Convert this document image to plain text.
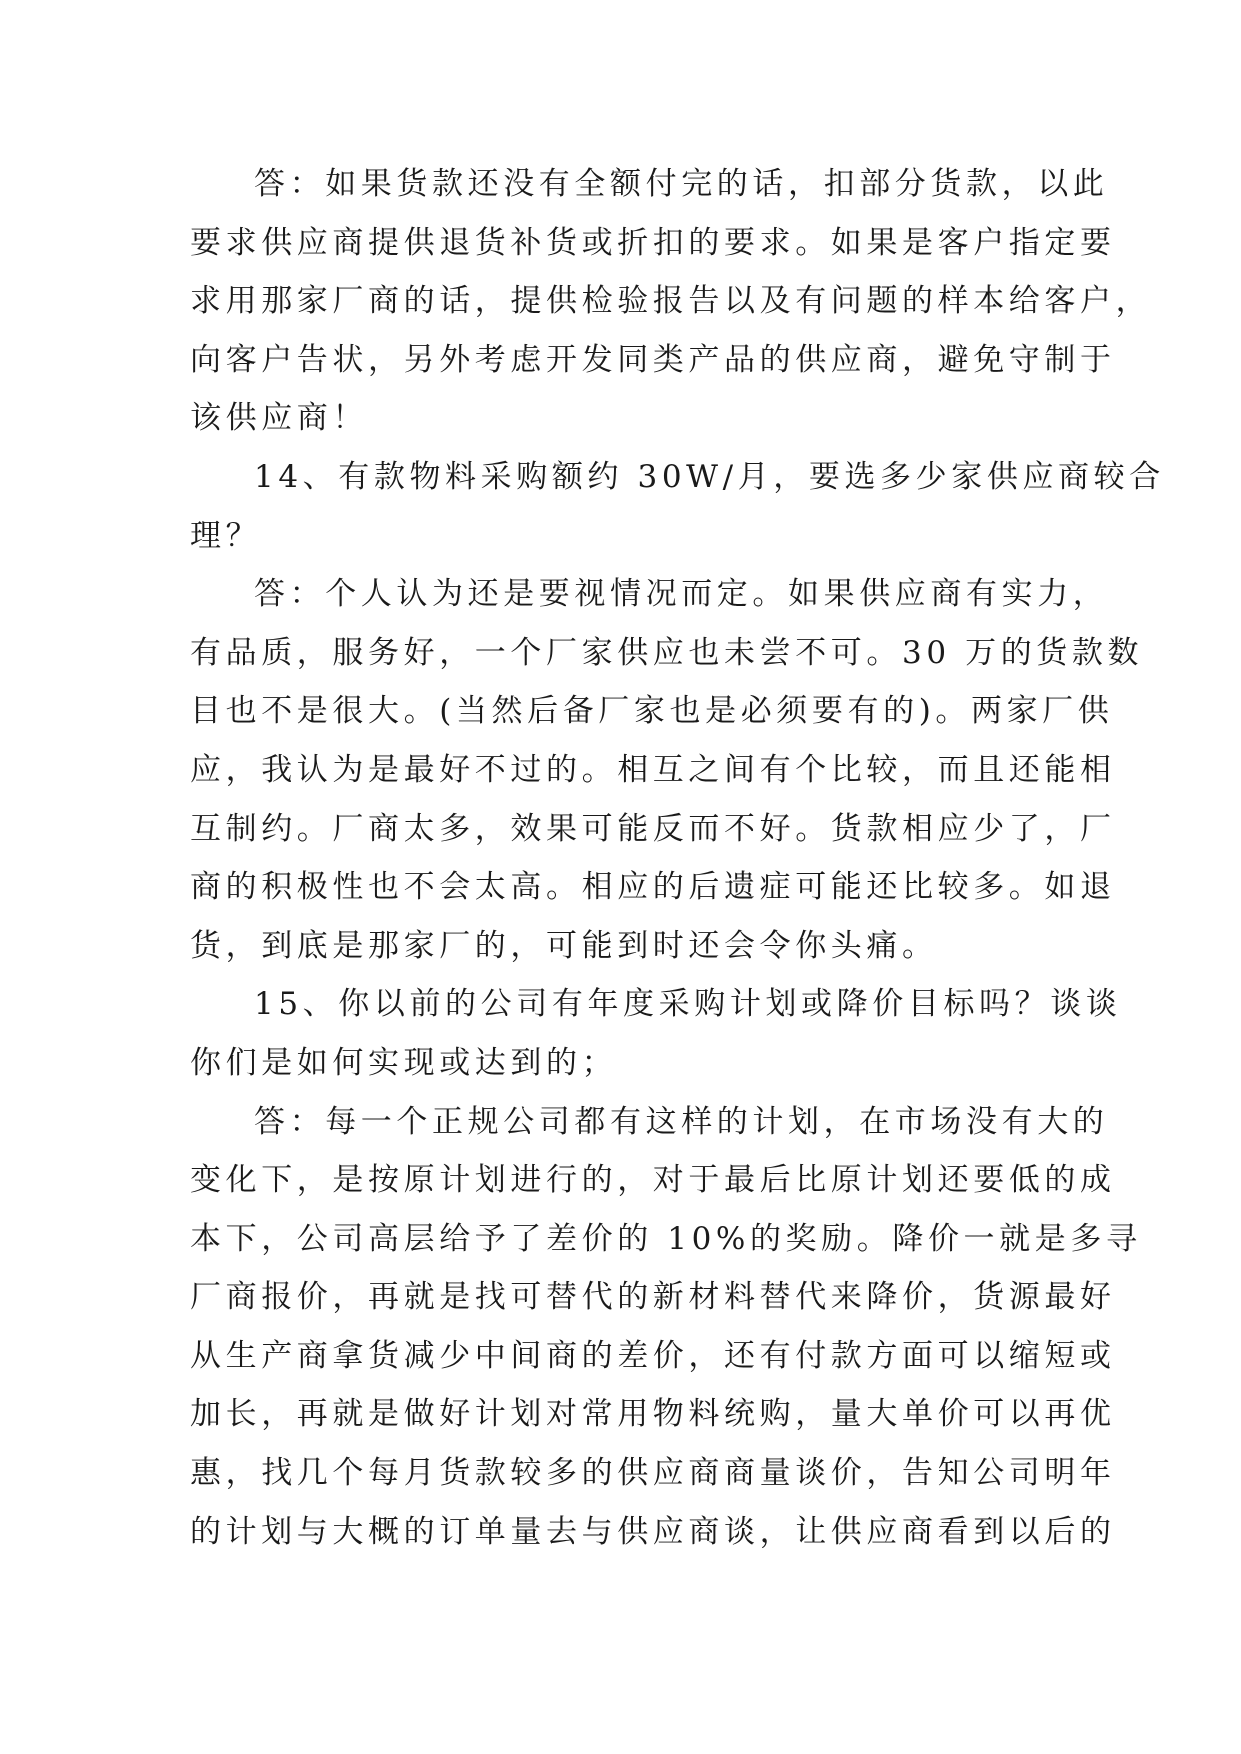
答：如果货款还没有全额付完的话，扣部分货款，以此
要求供应商提供退货补货或折扣的要求。如果是客户指定要
求用那家厂商的话，提供检验报告以及有问题的样本给客户，
向客户告状，另外考虑开发同类产品的供应商，避免守制于
该供应商！
14、有款物料采购额约 30W/月，要选多少家供应商较合
理？
答：个人认为还是要视情况而定。如果供应商有实力，
有品质，服务好，一个厂家供应也未尝不可。30 万的货款数
目也不是很大。(当然后备厂家也是必须要有的)。两家厂供
应，我认为是最好不过的。相互之间有个比较，而且还能相
互制约。厂商太多，效果可能反而不好。货款相应少了，厂
商的积极性也不会太高。相应的后遗症可能还比较多。如退
货，到底是那家厂的，可能到时还会令你头痛。
15、你以前的公司有年度采购计划或降价目标吗？谈谈
你们是如何实现或达到的；
答：每一个正规公司都有这样的计划，在市场没有大的
变化下，是按原计划进行的，对于最后比原计划还要低的成
本下，公司高层给予了差价的 10%的奖励。降价一就是多寻
厂商报价，再就是找可替代的新材料替代来降价，货源最好
从生产商拿货减少中间商的差价，还有付款方面可以缩短或
加长，再就是做好计划对常用物料统购，量大单价可以再优
惠，找几个每月货款较多的供应商商量谈价，告知公司明年
的计划与大概的订单量去与供应商谈，让供应商看到以后的
